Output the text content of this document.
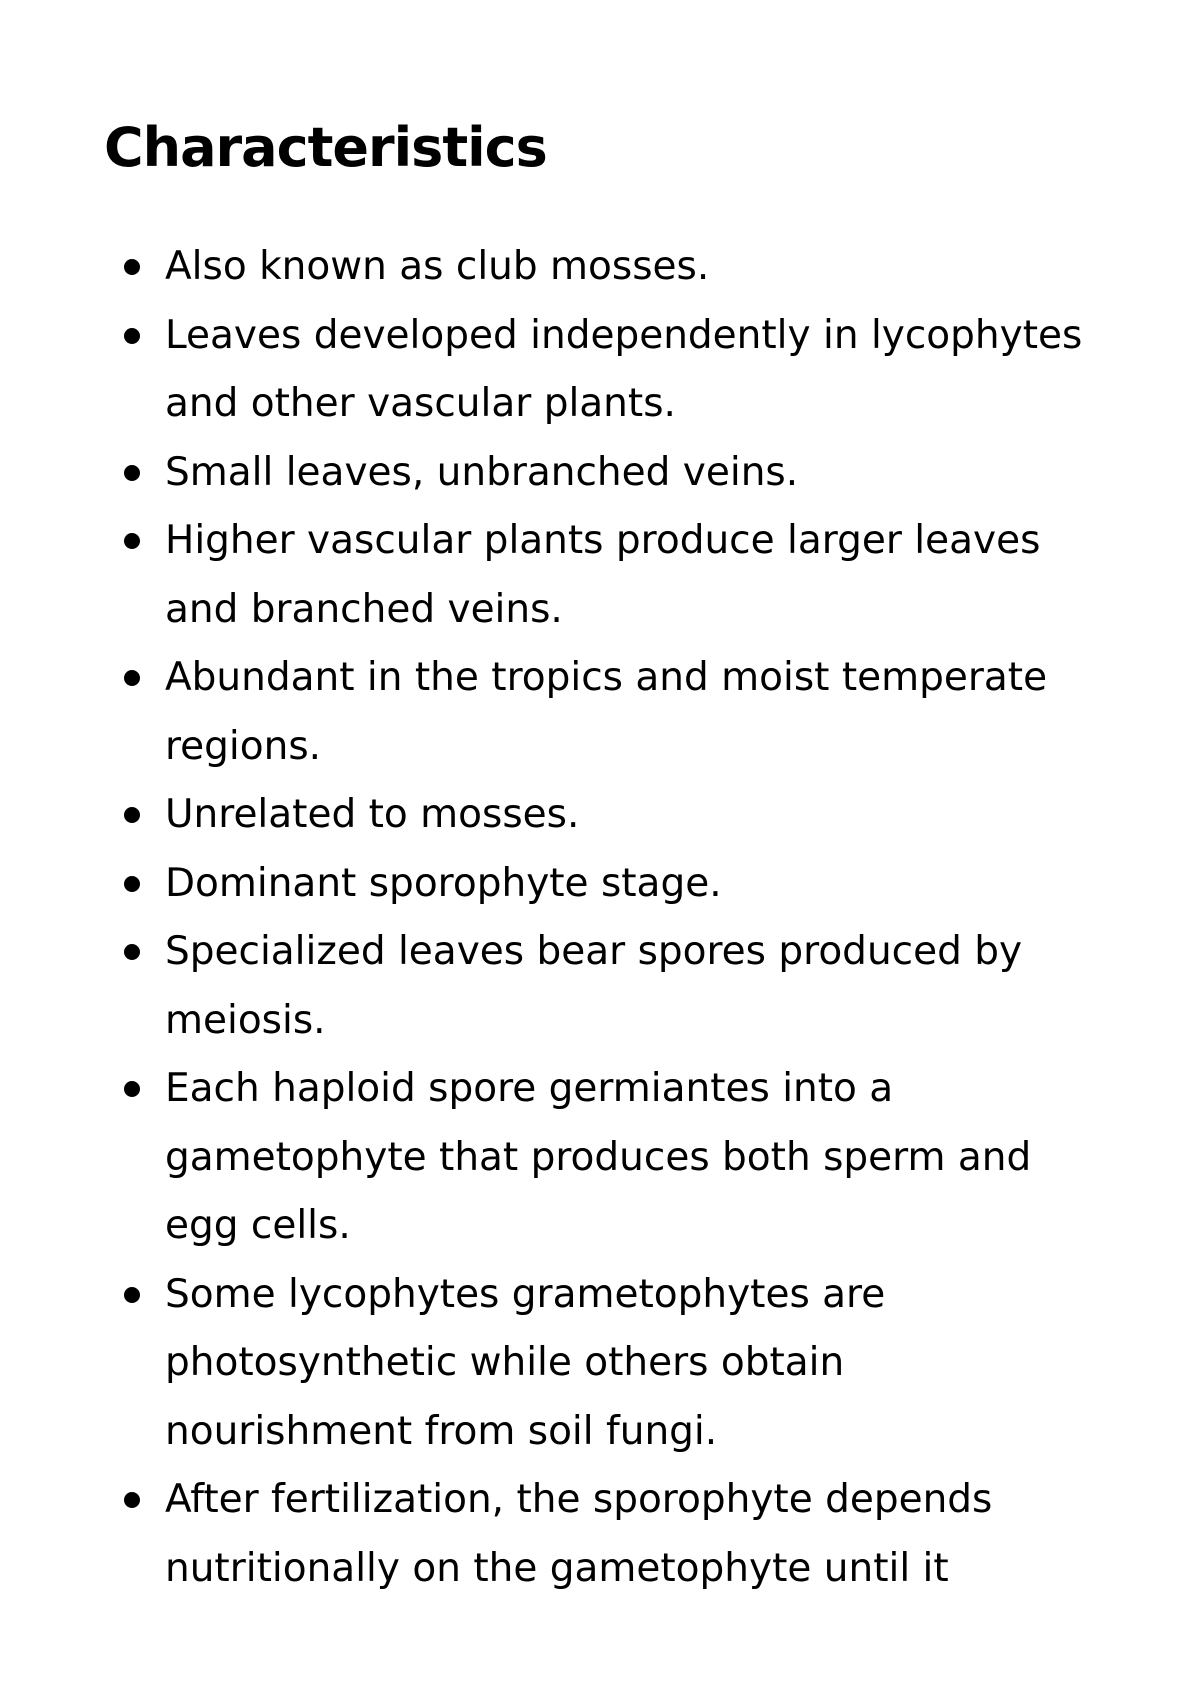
Characteristics
Also known as club mosses.
Leaves developed independently in lycophytes
and other vascular plants.
Small leaves, unbranched veins.
Higher vascular plants produce larger leaves
and branched veins.
Abundant in the tropics and moist temperate
regions.
Unrelated to mosses.
Dominant sporophyte stage.
Specialized leaves bear spores produced by
meiosis.
Each haploid spore germiantes into a
gametophyte that produces both sperm and
egg cells.
Some lycophytes grametophytes are
photosynthetic while others obtain
nourishment from soil fungi.
After fertilization, the sporophyte depends
nutritionally on the gametophyte until it
